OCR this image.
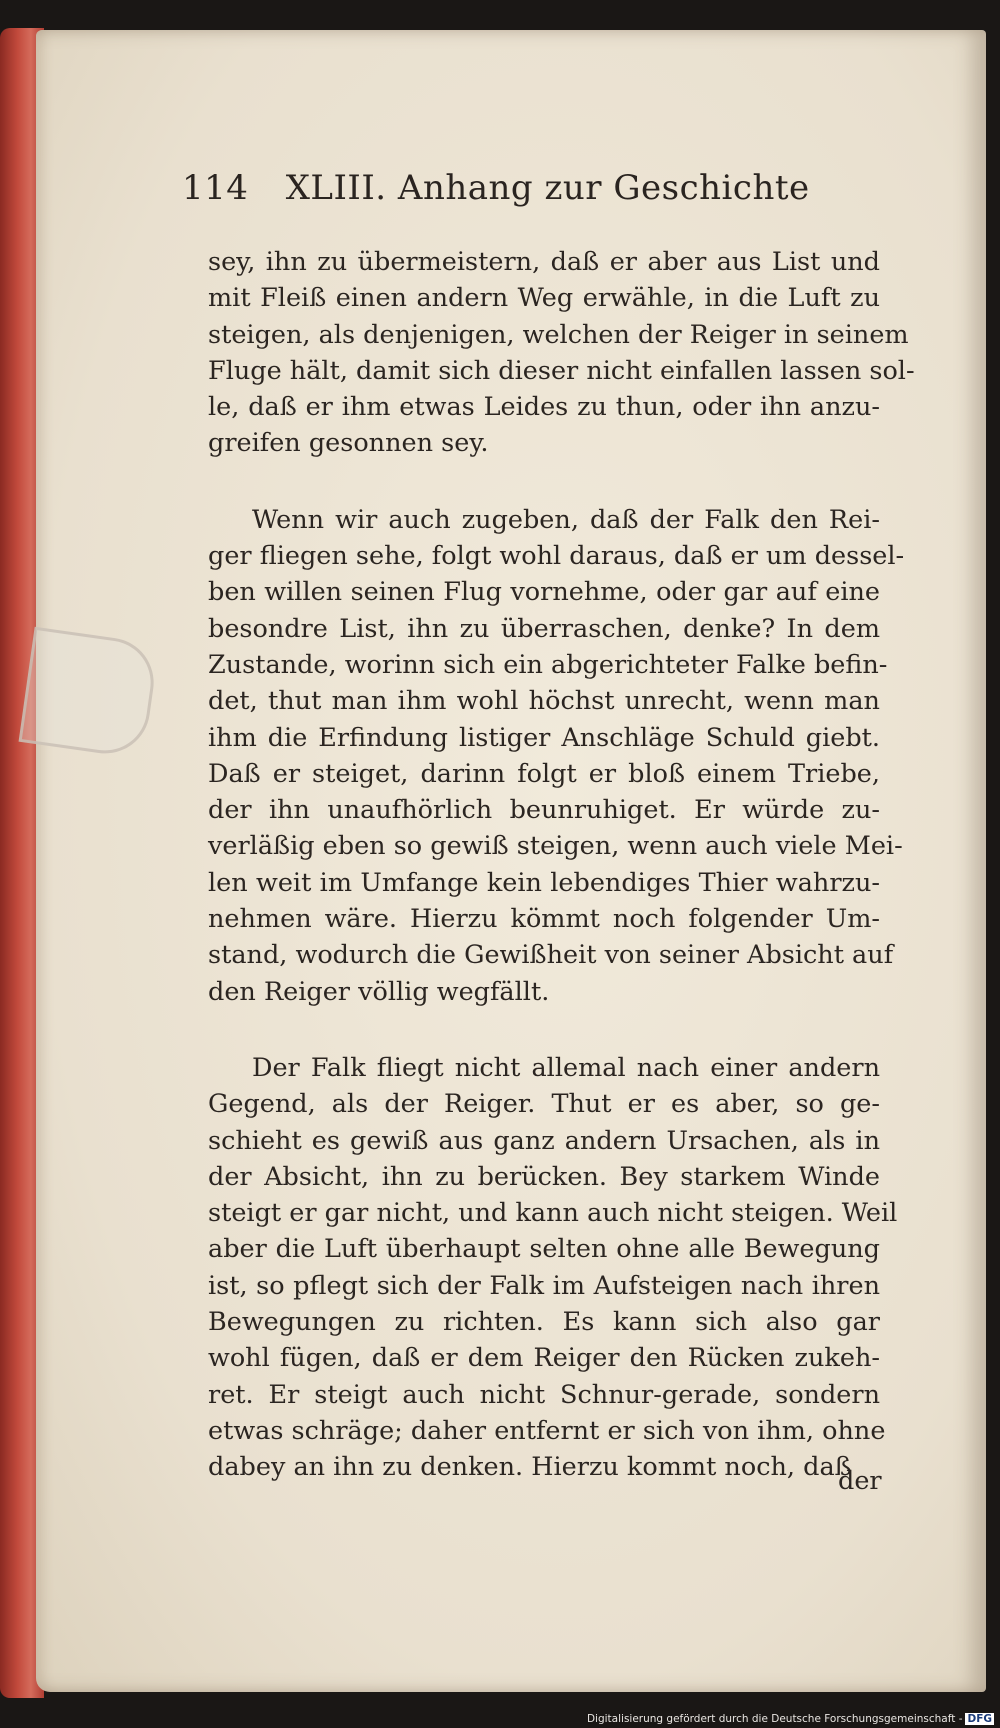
114 XLIII. Anhang zur Geschichte
sey, ihn zu übermeistern, daß er aber aus List und
mit Fleiß einen andern Weg erwähle, in die Luft zu
steigen, als denjenigen, welchen der Reiger in seinem
Fluge hält, damit sich dieser nicht einfallen lassen sol-
le, daß er ihm etwas Leides zu thun, oder ihn anzu-
greifen gesonnen sey.
Wenn wir auch zugeben, daß der Falk den Rei-
ger fliegen sehe, folgt wohl daraus, daß er um dessel-
ben willen seinen Flug vornehme, oder gar auf eine
besondre List, ihn zu überraschen, denke? In dem
Zustande, worinn sich ein abgerichteter Falke befin-
det, thut man ihm wohl höchst unrecht, wenn man
ihm die Erfindung listiger Anschläge Schuld giebt.
Daß er steiget, darinn folgt er bloß einem Triebe,
der ihn unaufhörlich beunruhiget. Er würde zu-
verläßig eben so gewiß steigen, wenn auch viele Mei-
len weit im Umfange kein lebendiges Thier wahrzu-
nehmen wäre. Hierzu kömmt noch folgender Um-
stand, wodurch die Gewißheit von seiner Absicht auf
den Reiger völlig wegfällt.
Der Falk fliegt nicht allemal nach einer andern
Gegend, als der Reiger. Thut er es aber, so ge-
schieht es gewiß aus ganz andern Ursachen, als in
der Absicht, ihn zu berücken. Bey starkem Winde
steigt er gar nicht, und kann auch nicht steigen. Weil
aber die Luft überhaupt selten ohne alle Bewegung
ist, so pflegt sich der Falk im Aufsteigen nach ihren
Bewegungen zu richten. Es kann sich also gar
wohl fügen, daß er dem Reiger den Rücken zukeh-
ret. Er steigt auch nicht Schnur-gerade, sondern
etwas schräge; daher entfernt er sich von ihm, ohne
dabey an ihn zu denken. Hierzu kommt noch, daß
der
Digitalisierung gefördert durch die Deutsche Forschungsgemeinschaft - DFG
